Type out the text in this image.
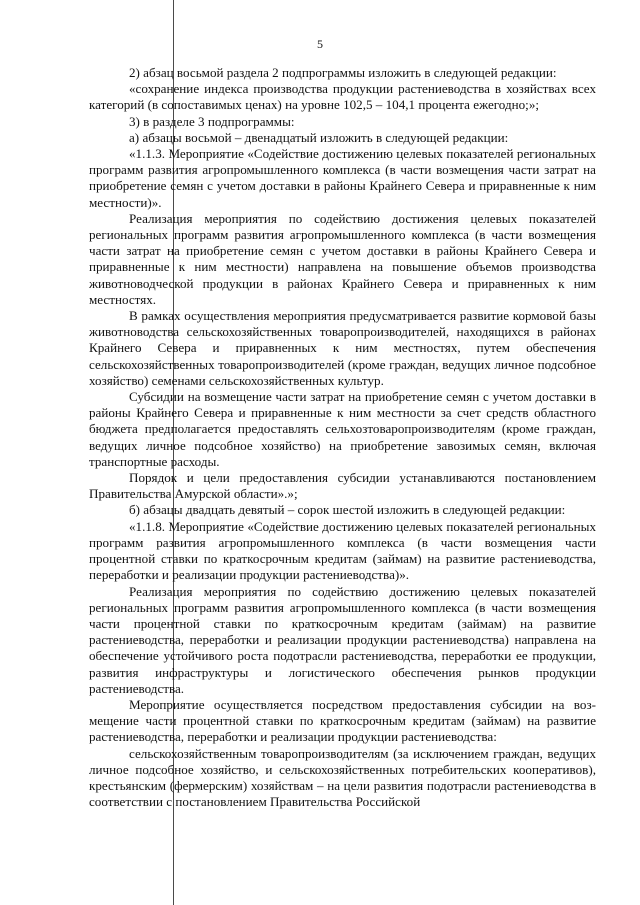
5

2) абзац восьмой раздела 2 подпрограммы изложить в следующей редакции:

«сохранение индекса производства продукции растениеводства в хозяйствах всех категорий (в сопоставимых ценах) на уровне 102,5 – 104,1 процента ежегодно;»;

3) в разделе 3 подпрограммы:

а) абзацы восьмой – двенадцатый изложить в следующей редакции:

«1.1.3. Мероприятие «Содействие достижению целевых показателей региональных программ развития агропромышленного комплекса (в части возмещения части затрат на приобретение семян с учетом доставки в районы Крайнего Севера и приравненные к ним местности)».

Реализация мероприятия по содействию достижения целевых показателей региональных программ развития агропромышленного комплекса (в части возмещения части затрат на приобретение семян с учетом доставки в районы Крайнего Севера и приравненные к ним местности) направлена на повышение объемов производства животноводческой продукции в районах Крайнего Севера и приравненных к ним местностях.

В рамках осуществления мероприятия предусматривается развитие кормовой базы животноводства сельскохозяйственных товаропроизводителей, находящихся в районах Крайнего Севера и приравненных к ним местностях, путем обеспечения сельскохозяйственных товаропроизводителей (кроме граждан, ведущих личное подсобное хозяйство) семенами сельскохозяйственных культур.

Субсидии на возмещение части затрат на приобретение семян с учетом доставки в районы Крайнего Севера и приравненные к ним местности за счет средств областного бюджета предполагается предоставлять сельхозтоваропроизводителям (кроме граждан, ведущих личное подсобное хозяйство) на приобретение завозимых семян, включая транспортные расходы.

Порядок и цели предоставления субсидии устанавливаются постановлением Правительства Амурской области».»;

б) абзацы двадцать девятый – сорок шестой изложить в следующей редакции:

«1.1.8. Мероприятие «Содействие достижению целевых показателей региональных программ развития агропромышленного комплекса (в части возмещения части процентной ставки по краткосрочным кредитам (займам) на развитие растениеводства, переработки и реализации продукции растениеводства)».

Реализация мероприятия по содействию достижению целевых показателей региональных программ развития агропромышленного комплекса (в части возмещения части процентной ставки по краткосрочным кредитам (займам) на развитие растениеводства, переработки и реализации продукции растениеводства) направлена на обеспечение устойчивого роста подотрасли растениеводства, переработки ее продукции, развития инфраструктуры и логистического обеспечения рынков продукции растениеводства.

Мероприятие осуществляется посредством предоставления субсидии на возмещение части процентной ставки по краткосрочным кредитам (займам) на развитие растениеводства, переработки и реализации продукции растениеводства:

сельскохозяйственным товаропроизводителям (за исключением граждан, ведущих личное подсобное хозяйство, и сельскохозяйственных потребительских кооперативов), крестьянским (фермерским) хозяйствам – на цели развития подотрасли растениеводства в соответствии с постановлением Правительства Российской
